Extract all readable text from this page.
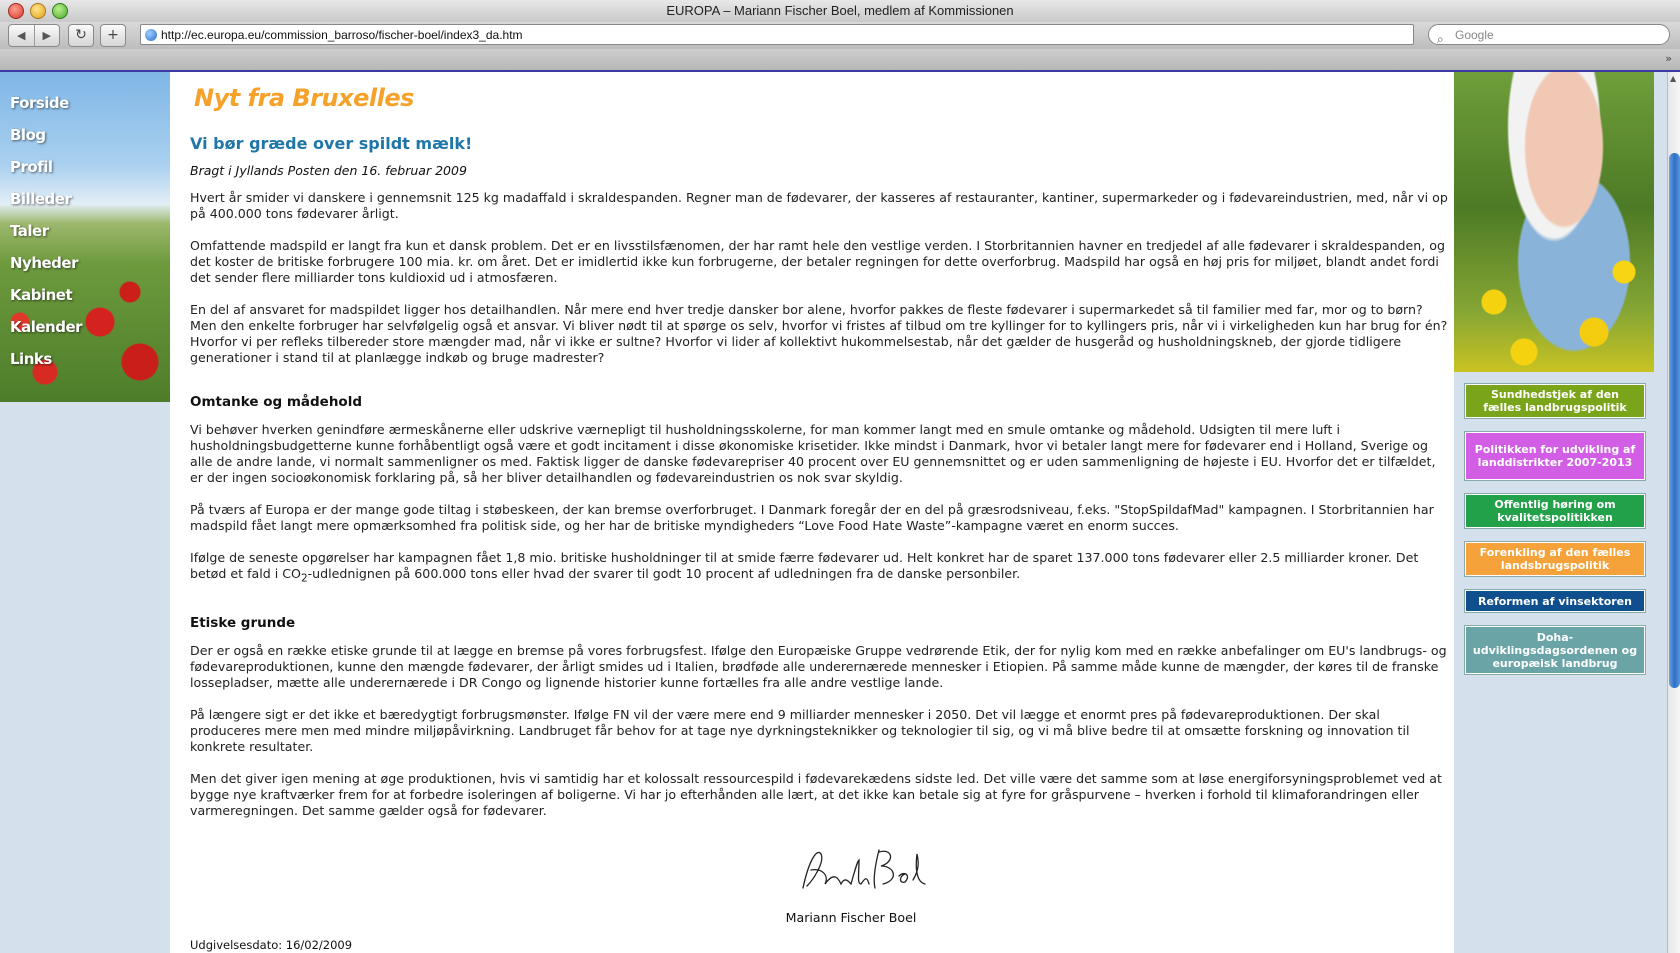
EUROPA – Mariann Fischer Boel, medlem af Kommissionen
◀	▶	↻	+	http://ec.europa.eu/commission_barroso/fischer-boel/index3_da.htm	⌕ Google
»
Forside
Blog
Profil
Billeder
Taler
Nyheder
Kabinet
Kalender
Links
Nyt fra Bruxelles
Vi bør græde over spildt mælk!
Bragt i Jyllands Posten den 16. februar 2009

Hvert år smider vi danskere i gennemsnit 125 kg madaffald i skraldespanden. Regner man de fødevarer, der kasseres af restauranter, kantiner, supermarkeder og i fødevareindustrien, med, når vi op på 400.000 tons fødevarer årligt.

Omfattende madspild er langt fra kun et dansk problem. Det er en livsstilsfænomen, der har ramt hele den vestlige verden. I Storbritannien havner en tredjedel af alle fødevarer i skraldespanden, og det koster de britiske forbrugere 100 mia. kr. om året. Det er imidlertid ikke kun forbrugerne, der betaler regningen for dette overforbrug. Madspild har også en høj pris for miljøet, blandt andet fordi det sender flere milliarder tons kuldioxid ud i atmosfæren.

En del af ansvaret for madspildet ligger hos detailhandlen. Når mere end hver tredje dansker bor alene, hvorfor pakkes de fleste fødevarer i supermarkedet så til familier med far, mor og to børn? Men den enkelte forbruger har selvfølgelig også et ansvar. Vi bliver nødt til at spørge os selv, hvorfor vi fristes af tilbud om tre kyllinger for to kyllingers pris, når vi i virkeligheden kun har brug for én? Hvorfor vi per refleks tilbereder store mængder mad, når vi ikke er sultne? Hvorfor vi lider af kollektivt hukommelsestab, når det gælder de husgeråd og husholdningskneb, der gjorde tidligere generationer i stand til at planlægge indkøb og bruge madrester?

Omtanke og mådehold

Vi behøver hverken genindføre ærmeskånerne eller udskrive værnepligt til husholdningsskolerne, for man kommer langt med en smule omtanke og mådehold. Udsigten til mere luft i husholdningsbudgetterne kunne forhåbentligt også være et godt incitament i disse økonomiske krisetider. Ikke mindst i Danmark, hvor vi betaler langt mere for fødevarer end i Holland, Sverige og alle de andre lande, vi normalt sammenligner os med. Faktisk ligger de danske fødevarepriser 40 procent over EU gennemsnittet og er uden sammenligning de højeste i EU. Hvorfor det er tilfældet, er der ingen socioøkonomisk forklaring på, så her bliver detailhandlen og fødevareindustrien os nok svar skyldig.

På tværs af Europa er der mange gode tiltag i støbeskeen, der kan bremse overforbruget. I Danmark foregår der en del på græsrodsniveau, f.eks. "StopSpildafMad" kampagnen. I Storbritannien har madspild fået langt mere opmærksomhed fra politisk side, og her har de britiske myndigheders “Love Food Hate Waste”-kampagne været en enorm succes.

Ifølge de seneste opgørelser har kampagnen fået 1,8 mio. britiske husholdninger til at smide færre fødevarer ud. Helt konkret har de sparet 137.000 tons fødevarer eller 2.5 milliarder kroner. Det betød et fald i $CO_2$-udlednignen på 600.000 tons eller hvad der svarer til godt 10 procent af udledningen fra de danske personbiler.

Etiske grunde

Der er også en række etiske grunde til at lægge en bremse på vores forbrugsfest. Ifølge den Europæiske Gruppe vedrørende Etik, der for nylig kom med en række anbefalinger om EU's landbrugs- og fødevareproduktionen, kunne den mængde fødevarer, der årligt smides ud i Italien, brødføde alle underernærede mennesker i Etiopien. På samme måde kunne de mængder, der køres til de franske lossepladser, mætte alle underernærede i DR Congo og lignende historier kunne fortælles fra alle andre vestlige lande.

På længere sigt er det ikke et bæredygtigt forbrugsmønster. Ifølge FN vil der være mere end 9 milliarder mennesker i 2050. Det vil lægge et enormt pres på fødevareproduktionen. Der skal produceres mere men med mindre miljøpåvirkning. Landbruget får behov for at tage nye dyrkningsteknikker og teknologier til sig, og vi må blive bedre til at omsætte forskning og innovation til konkrete resultater.

Men det giver igen mening at øge produktionen, hvis vi samtidig har et kolossalt ressourcespild i fødevarekædens sidste led. Det ville være det samme som at løse energiforsyningsproblemet ved at bygge nye kraftværker frem for at forbedre isoleringen af boligerne. Vi har jo efterhånden alle lært, at det ikke kan betale sig at fyre for gråspurvene – hverken i forhold til klimaforandringen eller varmeregningen. Det samme gælder også for fødevarer.

Mariann Fischer Boel
Udgivelsesdato: 16/02/2009
Sundhedstjek af den fælles landbrugspolitik
Politikken for udvikling af landdistrikter 2007-2013
Offentlig høring om kvalitetspolitikken
Forenkling af den fælles landsbrugspolitik
Reformen af vinsektoren
Doha-udviklingsdagsordenen og europæisk landbrug
▲
